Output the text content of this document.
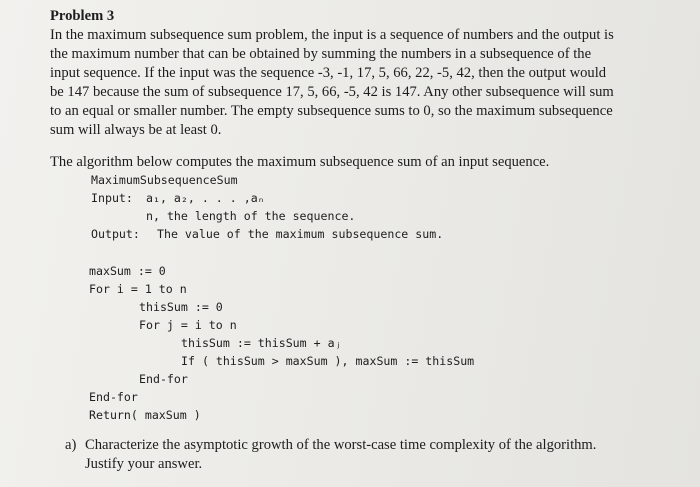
Problem 3
In the maximum subsequence sum problem, the input is a sequence of numbers and the output is
the maximum number that can be obtained by summing the numbers in a subsequence of the
input sequence. If the input was the sequence -3, -1, 17, 5, 66, 22, -5, 42, then the output would
be 147 because the sum of subsequence 17, 5, 66, -5, 42 is 147. Any other subsequence will sum
to an equal or smaller number. The empty subsequence sums to 0, so the maximum subsequence
sum will always be at least 0.
The algorithm below computes the maximum subsequence sum of an input sequence.
MaximumSubsequenceSum
Input: a₁, a₂, . . . ,aₙ
n, the length of the sequence.
Output: The value of the maximum subsequence sum.
maxSum := 0
For i = 1 to n
thisSum := 0
For j = i to n
thisSum := thisSum + aⱼ
If ( thisSum > maxSum ), maxSum := thisSum
End-for
End-for
Return( maxSum )
a) Characterize the asymptotic growth of the worst-case time complexity of the algorithm.
Justify your answer.
